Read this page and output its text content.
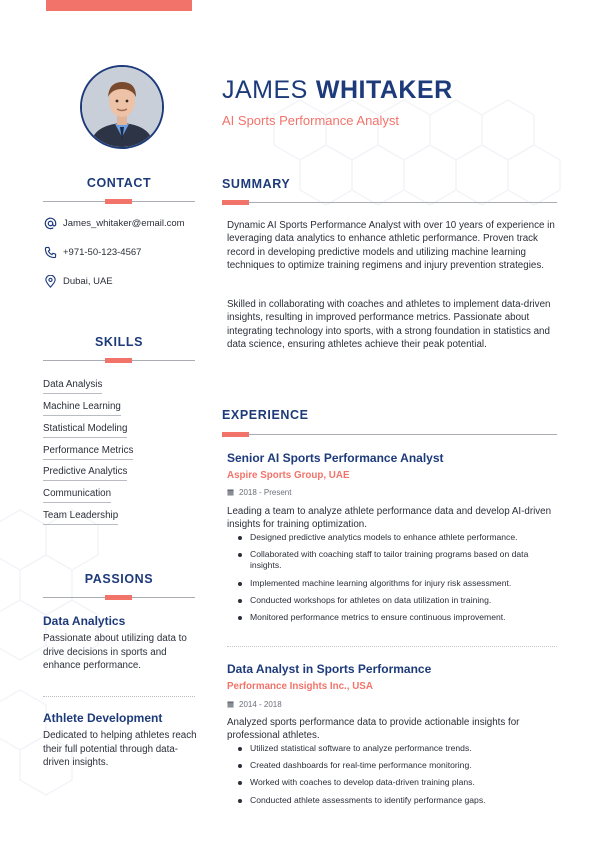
JAMES WHITAKER
AI Sports Performance Analyst
CONTACT
James_whitaker@email.com
+971-50-123-4567
Dubai, UAE
SKILLS
Data Analysis
Machine Learning
Statistical Modeling
Performance Metrics
Predictive Analytics
Communication
Team Leadership
PASSIONS
Data Analytics
Passionate about utilizing data to drive decisions in sports and enhance performance.
Athlete Development
Dedicated to helping athletes reach their full potential through data-driven insights.
SUMMARY
Dynamic AI Sports Performance Analyst with over 10 years of experience in leveraging data analytics to enhance athletic performance. Proven track record in developing predictive models and utilizing machine learning techniques to optimize training regimens and injury prevention strategies.
Skilled in collaborating with coaches and athletes to implement data-driven insights, resulting in improved performance metrics. Passionate about integrating technology into sports, with a strong foundation in statistics and data science, ensuring athletes achieve their peak potential.
EXPERIENCE
Senior AI Sports Performance Analyst
Aspire Sports Group, UAE
2018 - Present
Leading a team to analyze athlete performance data and develop AI-driven insights for training optimization.
Designed predictive analytics models to enhance athlete performance.
Collaborated with coaching staff to tailor training programs based on data insights.
Implemented machine learning algorithms for injury risk assessment.
Conducted workshops for athletes on data utilization in training.
Monitored performance metrics to ensure continuous improvement.
Data Analyst in Sports Performance
Performance Insights Inc., USA
2014 - 2018
Analyzed sports performance data to provide actionable insights for professional athletes.
Utilized statistical software to analyze performance trends.
Created dashboards for real-time performance monitoring.
Worked with coaches to develop data-driven training plans.
Conducted athlete assessments to identify performance gaps.
